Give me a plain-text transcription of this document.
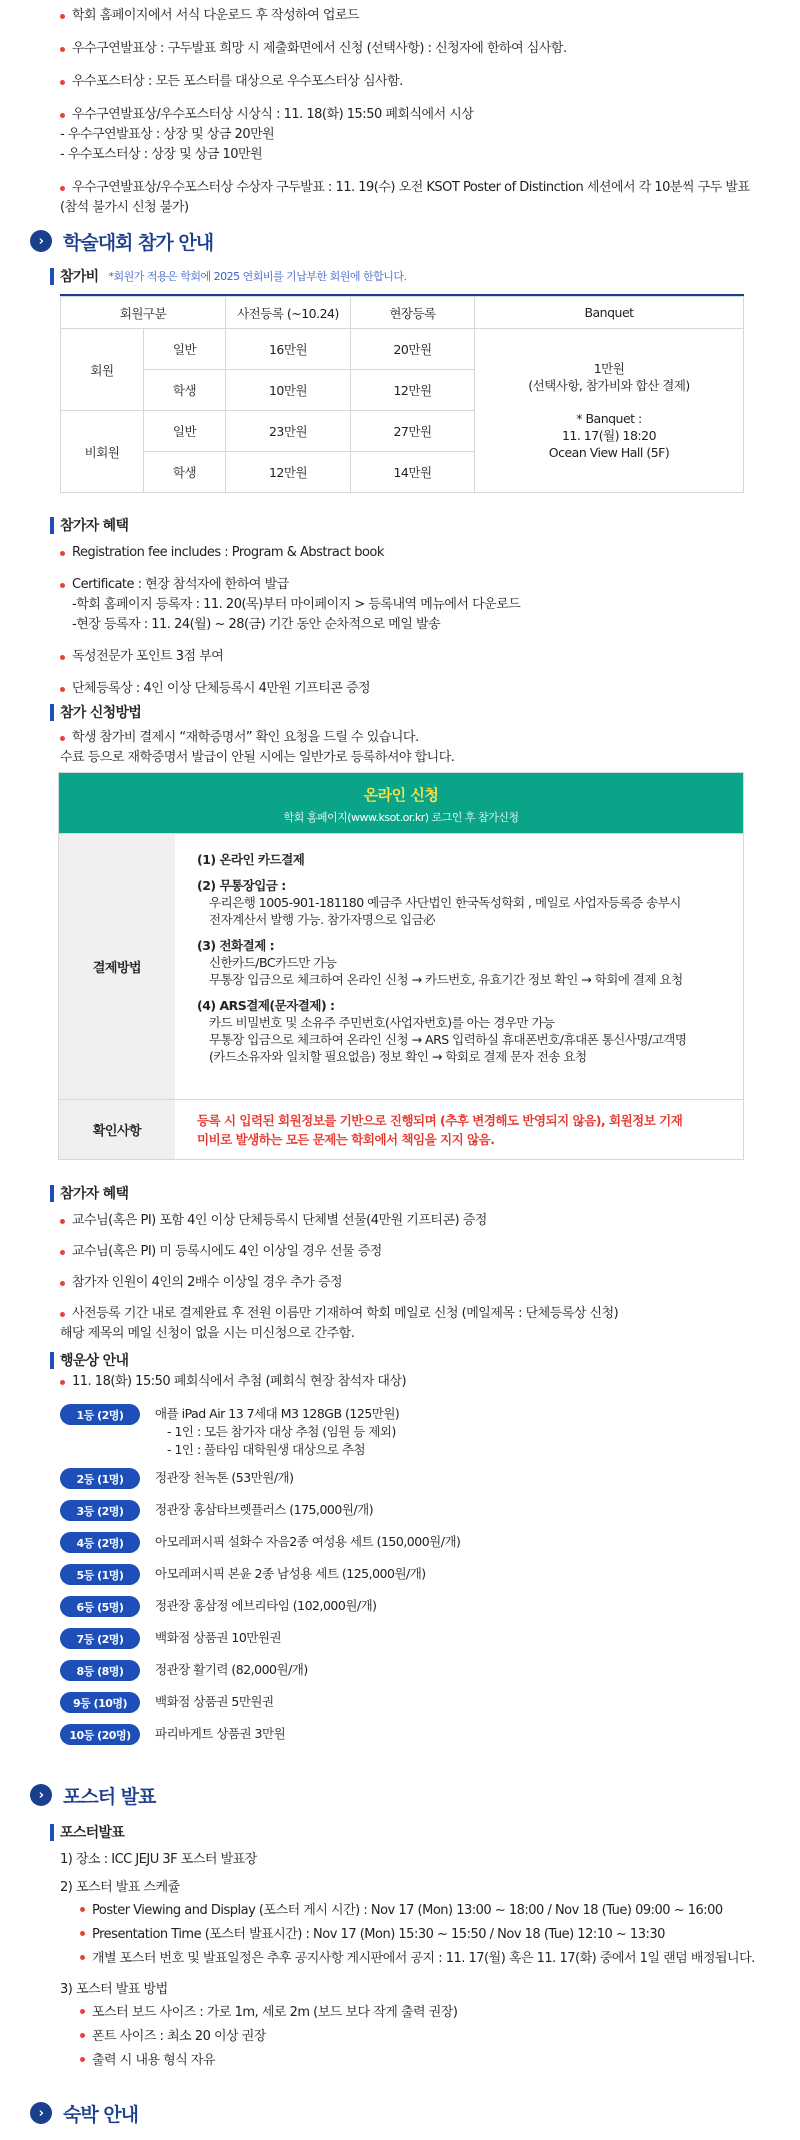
학회 홈페이지에서 서식 다운로드 후 작성하여 업로드
우수구연발표상 : 구두발표 희망 시 제출화면에서 신청 (선택사항) : 신청자에 한하여 심사함.
우수포스터상 : 모든 포스터를 대상으로 우수포스터상 심사함.
우수구연발표상/우수포스터상 시상식 : 11. 18(화) 15:50 폐회식에서 시상
- 우수구연발표상 : 상장 및 상금 20만원
- 우수포스터상 : 상장 및 상금 10만원
우수구연발표상/우수포스터상 수상자 구두발표 : 11. 19(수) 오전 KSOT Poster of Distinction 세션에서 각 10분씩 구두 발표
(참석 불가시 신청 불가)
›	학술대회 참가 안내
참가비 *회원가 적용은 학회에 2025 연회비를 기납부한 회원에 한합니다.
회원구분		사전등록 (~10.24)	현장등록	Banquet
회원	일반	16만원	20만원	1만원
(선택사항, 참가비와 합산 결제)
* Banquet :
11. 17(월) 18:20
Ocean View Hall (5F)

	학생	10만원	12만원	
비회원	일반	23만원	27만원	
	학생	12만원	14만원	
참가자 혜택
Registration fee includes : Program & Abstract book
Certificate : 현장 참석자에 한하여 발급
-학회 홈페이지 등록자 : 11. 20(목)부터 마이페이지 > 등록내역 메뉴에서 다운로드
-현장 등록자 : 11. 24(월) ~ 28(금) 기간 동안 순차적으로 메일 발송
독성전문가 포인트 3점 부여
단체등록상 : 4인 이상 단체등록시 4만원 기프티콘 증정
참가 신청방법
학생 참가비 결제시 “재학증명서” 확인 요청을 드릴 수 있습니다.
수료 등으로 재학증명서 발급이 안될 시에는 일반가로 등록하셔야 합니다.
온라인 신청
학회 홈페이지(www.ksot.or.kr) 로그인 후 참가신청
결제방법
(1) 온라인 카드결제
(2) 무통장입금 :
우리은행 1005-901-181180 예금주 사단법인 한국독성학회 , 메일로 사업자등록증 송부시
전자계산서 발행 가능. 참가자명으로 입금必
(3) 전화결제 :
신한카드/BC카드만 가능
무통장 입금으로 체크하여 온라인 신청 → 카드번호, 유효기간 정보 확인 → 학회에 결제 요청
(4) ARS결제(문자결제) :
카드 비밀번호 및 소유주 주민번호(사업자번호)를 아는 경우만 가능
무통장 입금으로 체크하여 온라인 신청 → ARS 입력하실 휴대폰번호/휴대폰 통신사명/고객명
(카드소유자와 일치할 필요없음) 정보 확인 → 학회로 결제 문자 전송 요청
확인사항
등록 시 입력된 회원정보를 기반으로 진행되며 (추후 변경해도 반영되지 않음), 회원정보 기재
미비로 발생하는 모든 문제는 학회에서 책임을 지지 않음.
참가자 혜택
교수님(혹은 PI) 포함 4인 이상 단체등록시 단체별 선물(4만원 기프티콘) 증정
교수님(혹은 PI) 미 등록시에도 4인 이상일 경우 선물 증정
참가자 인원이 4인의 2배수 이상일 경우 추가 증정
사전등록 기간 내로 결제완료 후 전원 이름만 기재하여 학회 메일로 신청 (메일제목 : 단체등록상 신청)
해당 제목의 메일 신청이 없을 시는 미신청으로 간주함.
행운상 안내
11. 18(화) 15:50 폐회식에서 추첨 (폐회식 현장 참석자 대상)
1등 (2명)	애플 iPad Air 13 7세대 M3 128GB (125만원)
- 1인 : 모든 참가자 대상 추첨 (임원 등 제외)
- 1인 : 풀타임 대학원생 대상으로 추첨
2등 (1명)	정관장 천녹톤 (53만원/개)
3등 (2명)	정관장 홍삼타브렛플러스 (175,000원/개)
4등 (2명)	아모레퍼시픽 설화수 자음2종 여성용 세트 (150,000원/개)
5등 (1명)	아모레퍼시픽 본윤 2종 남성용 세트 (125,000원/개)
6등 (5명)	정관장 홍삼정 에브리타임 (102,000원/개)
7등 (2명)	백화점 상품권 10만원권
8등 (8명)	정관장 활기력 (82,000원/개)
9등 (10명)	백화점 상품권 5만원권
10등 (20명)	파리바게트 상품권 3만원
›	포스터 발표
포스터발표
1) 장소 : ICC JEJU 3F 포스터 발표장
2) 포스터 발표 스케쥴
Poster Viewing and Display (포스터 게시 시간) : Nov 17 (Mon) 13:00 ~ 18:00 / Nov 18 (Tue) 09:00 ~ 16:00
Presentation Time (포스터 발표시간) : Nov 17 (Mon) 15:30 ~ 15:50 / Nov 18 (Tue) 12:10 ~ 13:30
개별 포스터 번호 및 발표일정은 추후 공지사항 게시판에서 공지 : 11. 17(월) 혹은 11. 17(화) 중에서 1일 랜덤 배정됩니다.
3) 포스터 발표 방법
포스터 보드 사이즈 : 가로 1m, 세로 2m (보드 보다 작게 출력 권장)
폰트 사이즈 : 최소 20 이상 권장
출력 시 내용 형식 자유
›	숙박 안내
